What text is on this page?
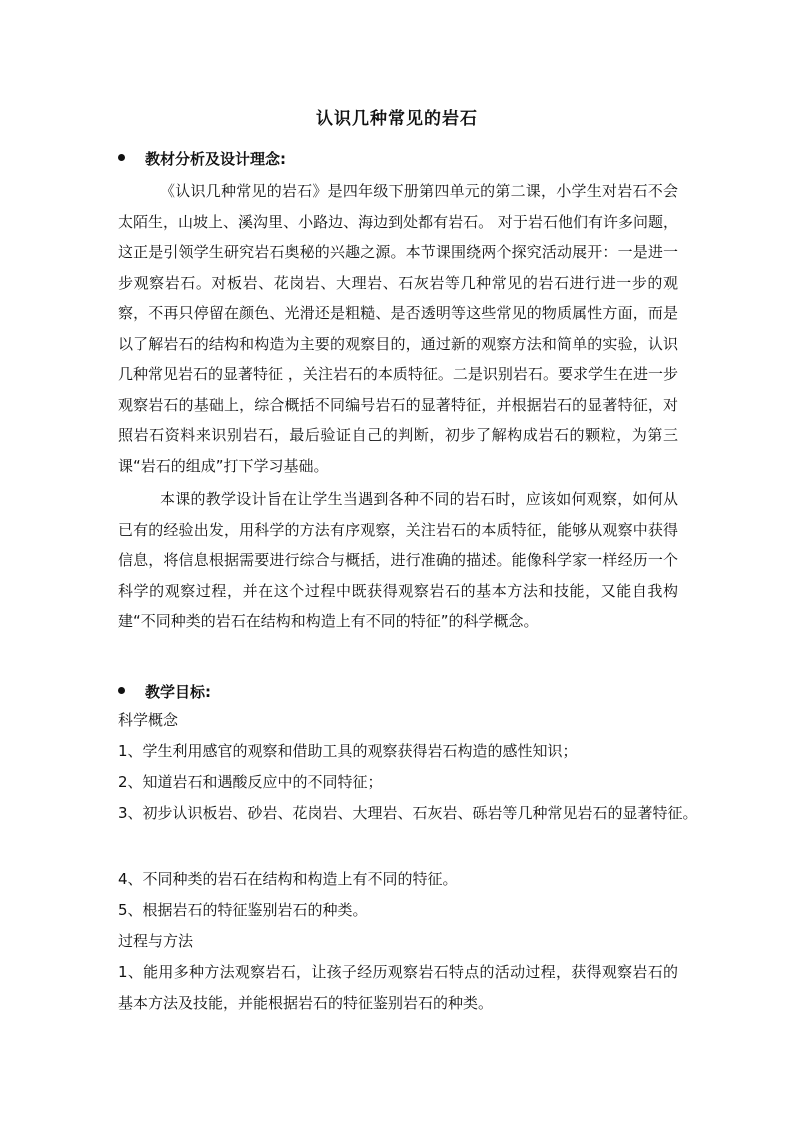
认识几种常见的岩石
教材分析及设计理念:
《认识几种常见的岩石》是四年级下册第四单元的第二课，小学生对岩石不会太陌生，山坡上、溪沟里、小路边、海边到处都有岩石。 对于岩石他们有许多问题，这正是引领学生研究岩石奥秘的兴趣之源。本节课围绕两个探究活动展开：一是进一步观察岩石。对板岩、花岗岩、大理岩、石灰岩等几种常见的岩石进行进一步的观察，不再只停留在颜色、光滑还是粗糙、是否透明等这些常见的物质属性方面，而是以了解岩石的结构和构造为主要的观察目的，通过新的观察方法和简单的实验，认识几种常见岩石的显著特征 ，关注岩石的本质特征。二是识别岩石。要求学生在进一步观察岩石的基础上，综合概括不同编号岩石的显著特征，并根据岩石的显著特征，对照岩石资料来识别岩石，最后验证自己的判断，初步了解构成岩石的颗粒，为第三课“岩石的组成”打下学习基础。
本课的教学设计旨在让学生当遇到各种不同的岩石时，应该如何观察，如何从已有的经验出发，用科学的方法有序观察，关注岩石的本质特征，能够从观察中获得信息，将信息根据需要进行综合与概括，进行准确的描述。能像科学家一样经历一个科学的观察过程，并在这个过程中既获得观察岩石的基本方法和技能，又能自我构建“不同种类的岩石在结构和构造上有不同的特征”的科学概念。
教学目标:
科学概念
1、学生利用感官的观察和借助工具的观察获得岩石构造的感性知识；
2、知道岩石和遇酸反应中的不同特征；
3、初步认识板岩、砂岩、花岗岩、大理岩、石灰岩、砾岩等几种常见岩石的显著特征。
4、不同种类的岩石在结构和构造上有不同的特征。
5、根据岩石的特征鉴别岩石的种类。
过程与方法
1、能用多种方法观察岩石，让孩子经历观察岩石特点的活动过程，获得观察岩石的基本方法及技能，并能根据岩石的特征鉴别岩石的种类。
